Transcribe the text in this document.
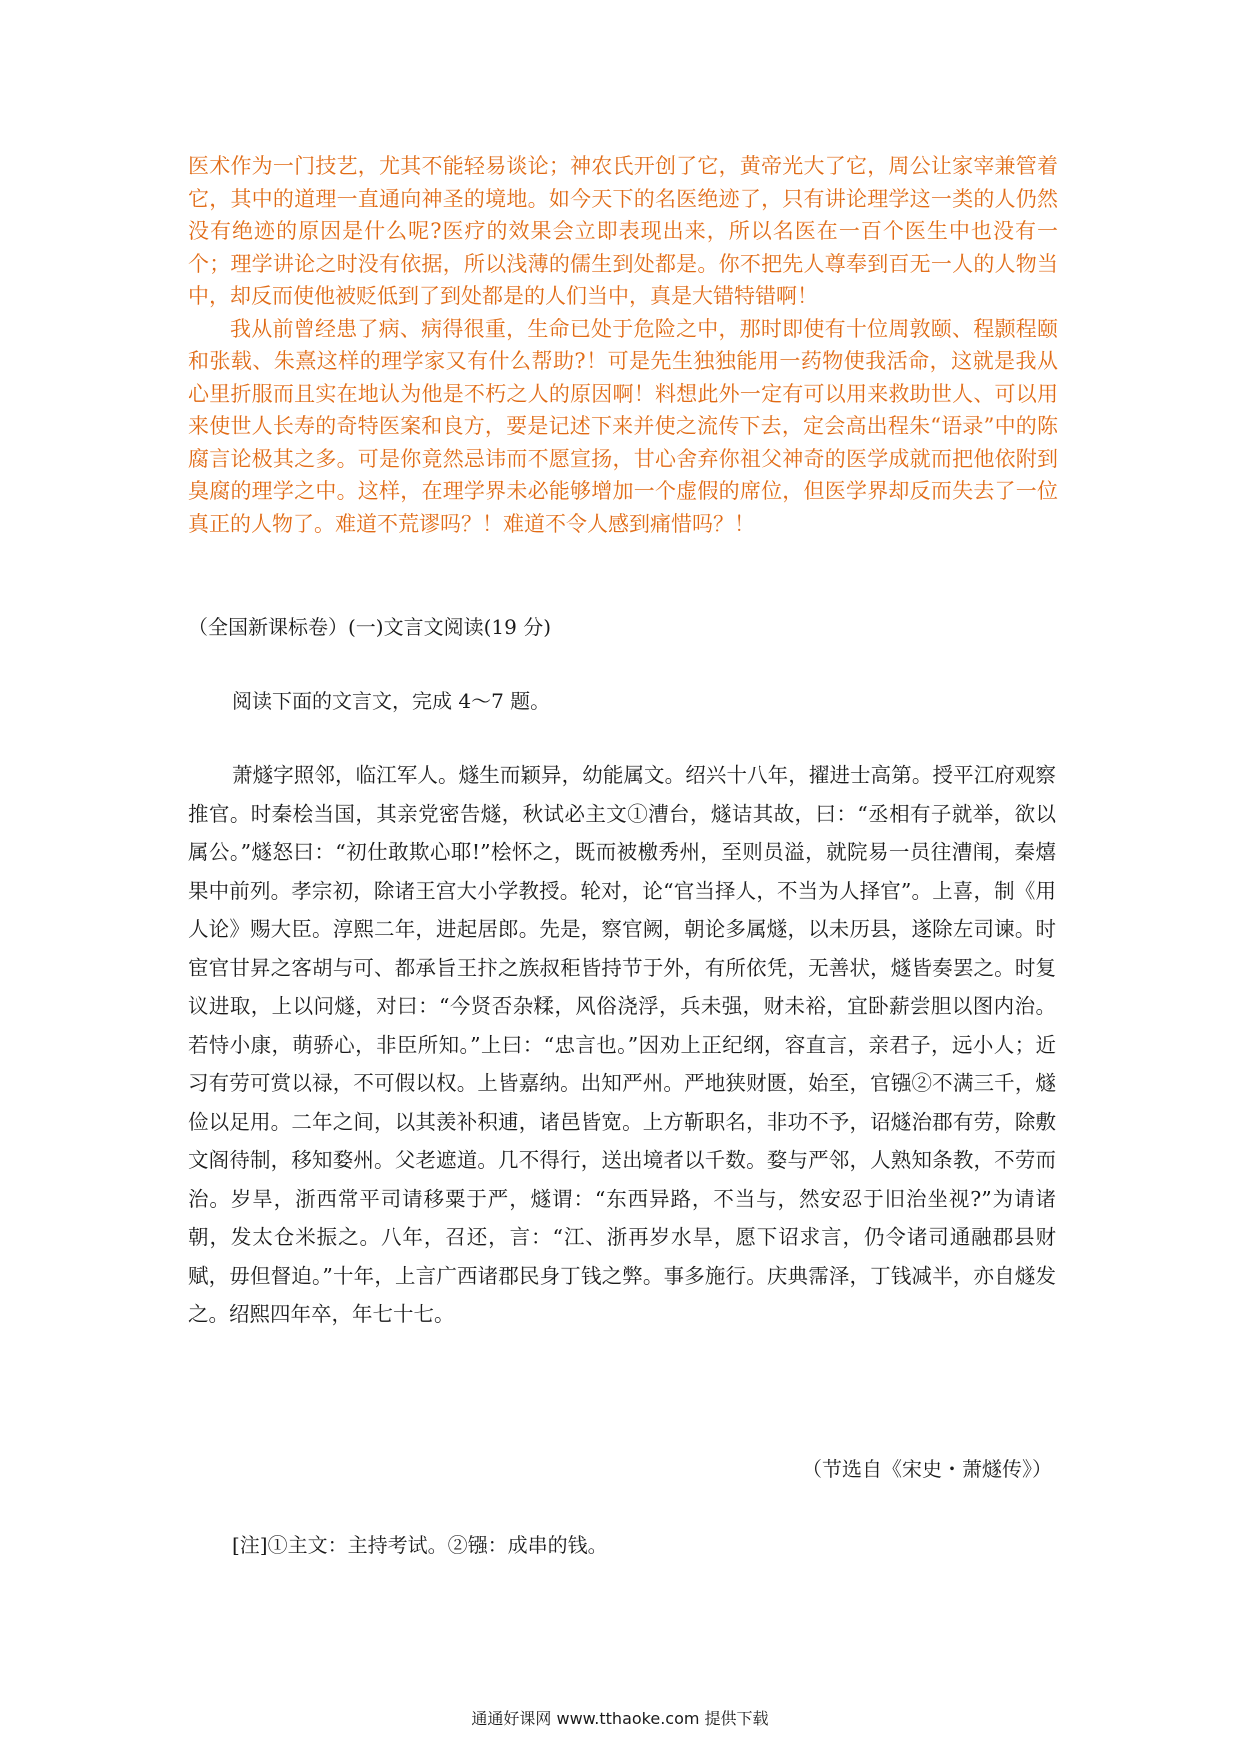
医术作为一门技艺，尤其不能轻易谈论；神农氏开创了它，黄帝光大了它，周公让家宰兼管着它，其中的道理一直通向神圣的境地。如今天下的名医绝迹了，只有讲论理学这一类的人仍然没有绝迹的原因是什么呢?医疗的效果会立即表现出来，所以名医在一百个医生中也没有一个；理学讲论之时没有依据，所以浅薄的儒生到处都是。你不把先人尊奉到百无一人的人物当中，却反而使他被贬低到了到处都是的人们当中，真是大错特错啊！

我从前曾经患了病、病得很重，生命已处于危险之中，那时即使有十位周敦颐、程颢程颐和张载、朱熹这样的理学家又有什么帮助?！可是先生独独能用一药物使我活命，这就是我从心里折服而且实在地认为他是不朽之人的原因啊！料想此外一定有可以用来救助世人、可以用来使世人长寿的奇特医案和良方，要是记述下来并使之流传下去，定会高出程朱“语录”中的陈腐言论极其之多。可是你竟然忌讳而不愿宣扬，甘心舍弃你祖父神奇的医学成就而把他依附到臭腐的理学之中。这样，在理学界未必能够增加一个虚假的席位，但医学界却反而失去了一位真正的人物了。难道不荒谬吗？！难道不令人感到痛惜吗？！

（全国新课标卷）(一)文言文阅读(19 分)
阅读下面的文言文，完成 4～7 题。
萧燧字照邻，临江军人。燧生而颖异，幼能属文。绍兴十八年，擢进士高第。授平江府观察推官。时秦桧当国，其亲党密告燧，秋试必主文①漕台，燧诘其故，曰：“丞相有子就举，欲以属公。”燧怒曰：“初仕敢欺心耶!”桧怀之，既而被檄秀州，至则员溢，就院易一员往漕闱，秦熺果中前列。孝宗初，除诸王宫大小学教授。轮对，论“官当择人，不当为人择官”。上喜，制《用人论》赐大臣。淳熙二年，进起居郎。先是，察官阙，朝论多属燧，以未历县，遂除左司谏。时宦官甘昇之客胡与可、都承旨王抃之族叔秬皆持节于外，有所依凭，无善状，燧皆奏罢之。时复议进取，上以问燧，对曰：“今贤否杂糅，风俗浇浮，兵未强，财未裕，宜卧薪尝胆以图内治。若恃小康，萌骄心，非臣所知。”上曰：“忠言也。”因劝上正纪纲，容直言，亲君子，远小人；近习有劳可赏以禄，不可假以权。上皆嘉纳。出知严州。严地狭财匮，始至，官镪②不满三千，燧俭以足用。二年之间，以其羡补积逋，诸邑皆宽。上方靳职名，非功不予，诏燧治郡有劳，除敷文阁待制，移知婺州。父老遮道。几不得行，送出境者以千数。婺与严邻，人熟知条教，不劳而治。岁旱，浙西常平司请移粟于严，燧谓：“东西异路，不当与，然安忍于旧治坐视?”为请诸朝，发太仓米振之。八年，召还，言：“江、浙再岁水旱，愿下诏求言，仍令诸司通融郡县财赋，毋但督迫。”十年，上言广西诸郡民身丁钱之弊。事多施行。庆典霈泽，丁钱减半，亦自燧发之。绍熙四年卒，年七十七。
（节选自《宋史・萧燧传》）
[注]①主文：主持考试。②镪：成串的钱。
通通好课网 www.tthaoke.com 提供下载
